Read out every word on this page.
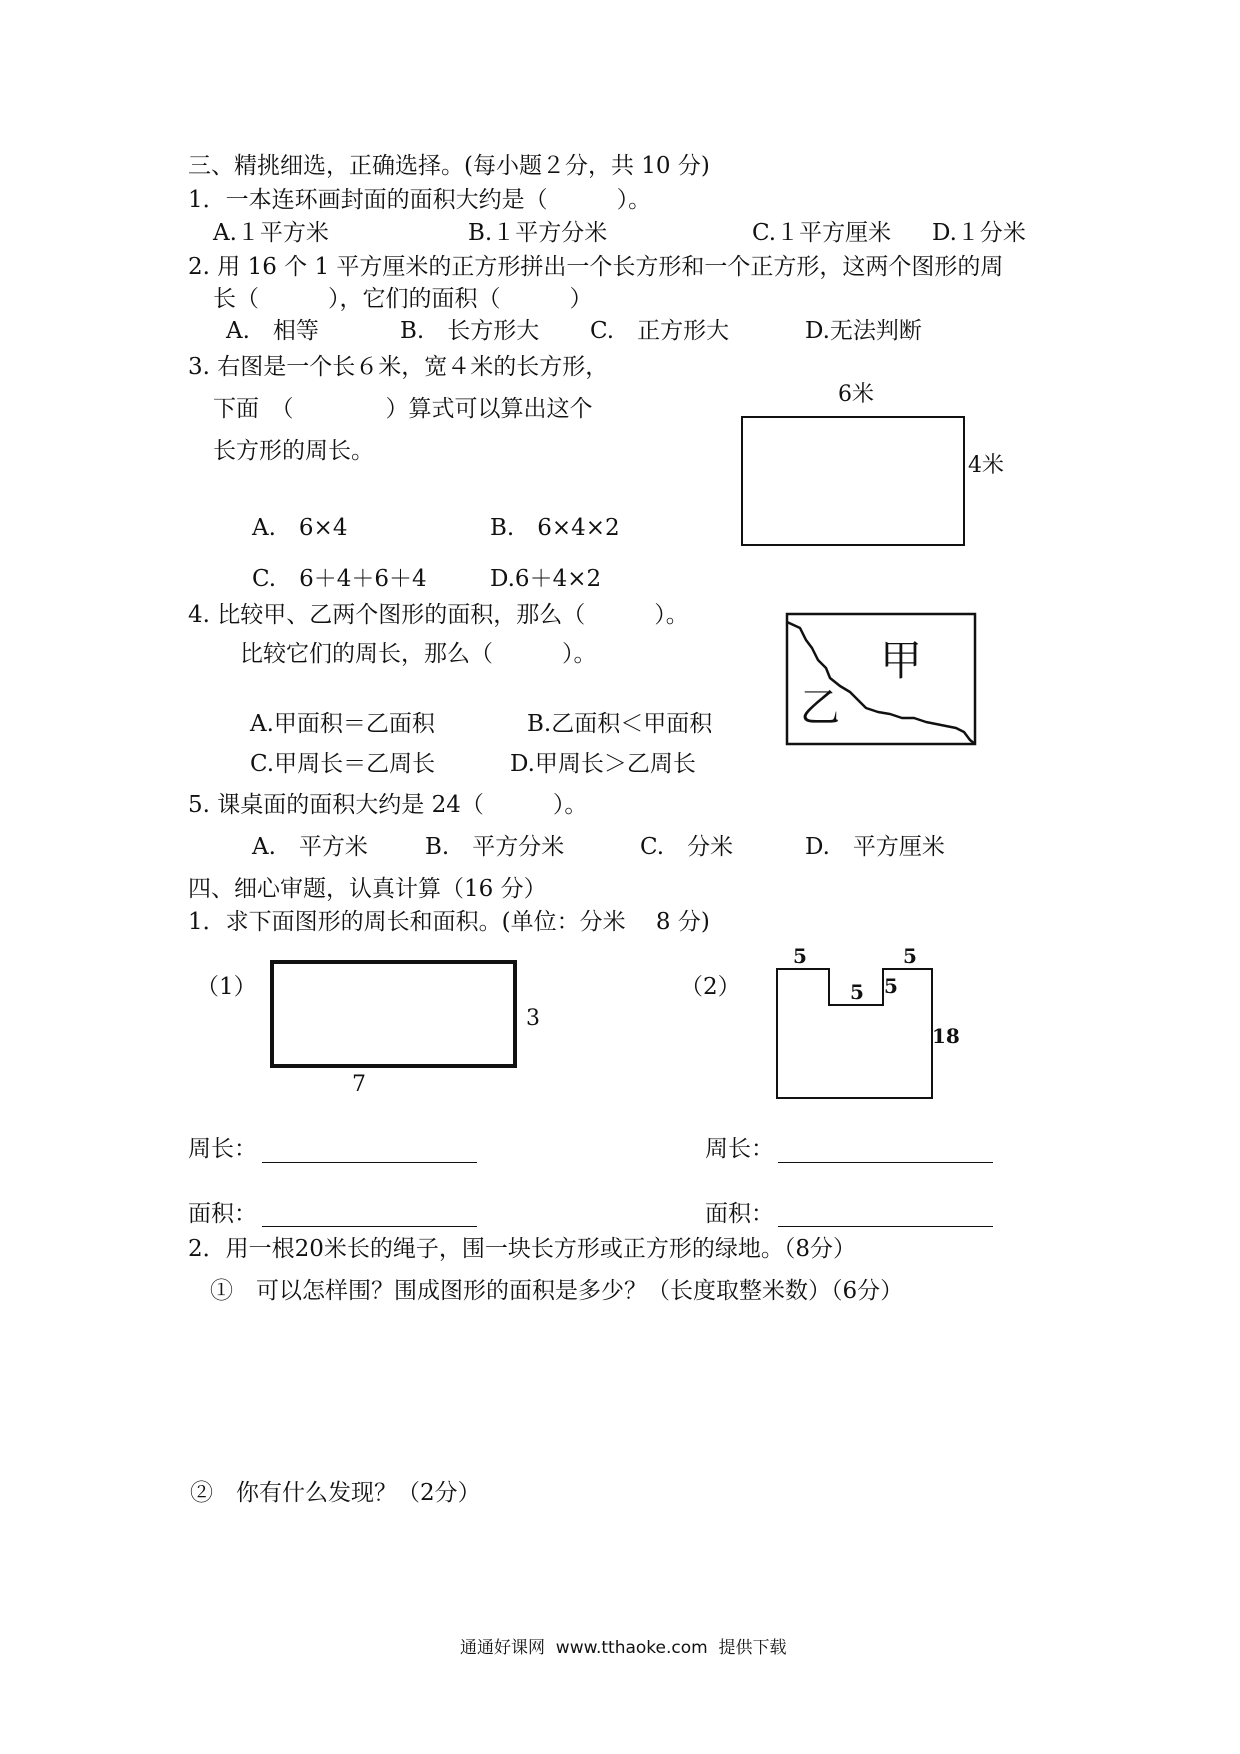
三、精挑细选，正确选择。(每小题２分，共 10 分)
1．一本连环画封面的面积大约是（　　　）。
A.１平方米	B.１平方分米	C.１平方厘米 D.１分米
2. 用 16 个 1 平方厘米的正方形拼出一个长方形和一个正方形，这两个图形的周
长（　　　），它们的面积（　　　）
A.　相等	B.　长方形大 C.　正方形大	D.无法判断
3. 右图是一个长６米，宽４米的长方形，
下面　（　　　　）算式可以算出这个
长方形的周长。
A.　6×4	B.　6×4×2
C.　6＋4＋6＋4	D.6＋4×2
6米
4米
4. 比较甲、乙两个图形的面积，那么（　　　）。
比较它们的周长，那么（　　　）。
A.甲面积＝乙面积	B.乙面积＜甲面积
C.甲周长＝乙周长	D.甲周长＞乙周长
甲
乙
5. 课桌面的面积大约是 24（　　　）。
A.　平方米 B.　平方分米	C.　分米	D.　平方厘米
四、细心审题，认真计算（16 分）
1．求下面图形的周长和面积。(单位：分米　 8 分)
（1）
3
7
（2）
5	5
5 5
18
周长：	周长：
面积：	面积：
2．用一根20米长的绳子，围一块长方形或正方形的绿地。（8分）
①　可以怎样围？围成图形的面积是多少？（长度取整米数）（6分）
②　你有什么发现？（2分）
通通好课网  www.tthaoke.com  提供下载
